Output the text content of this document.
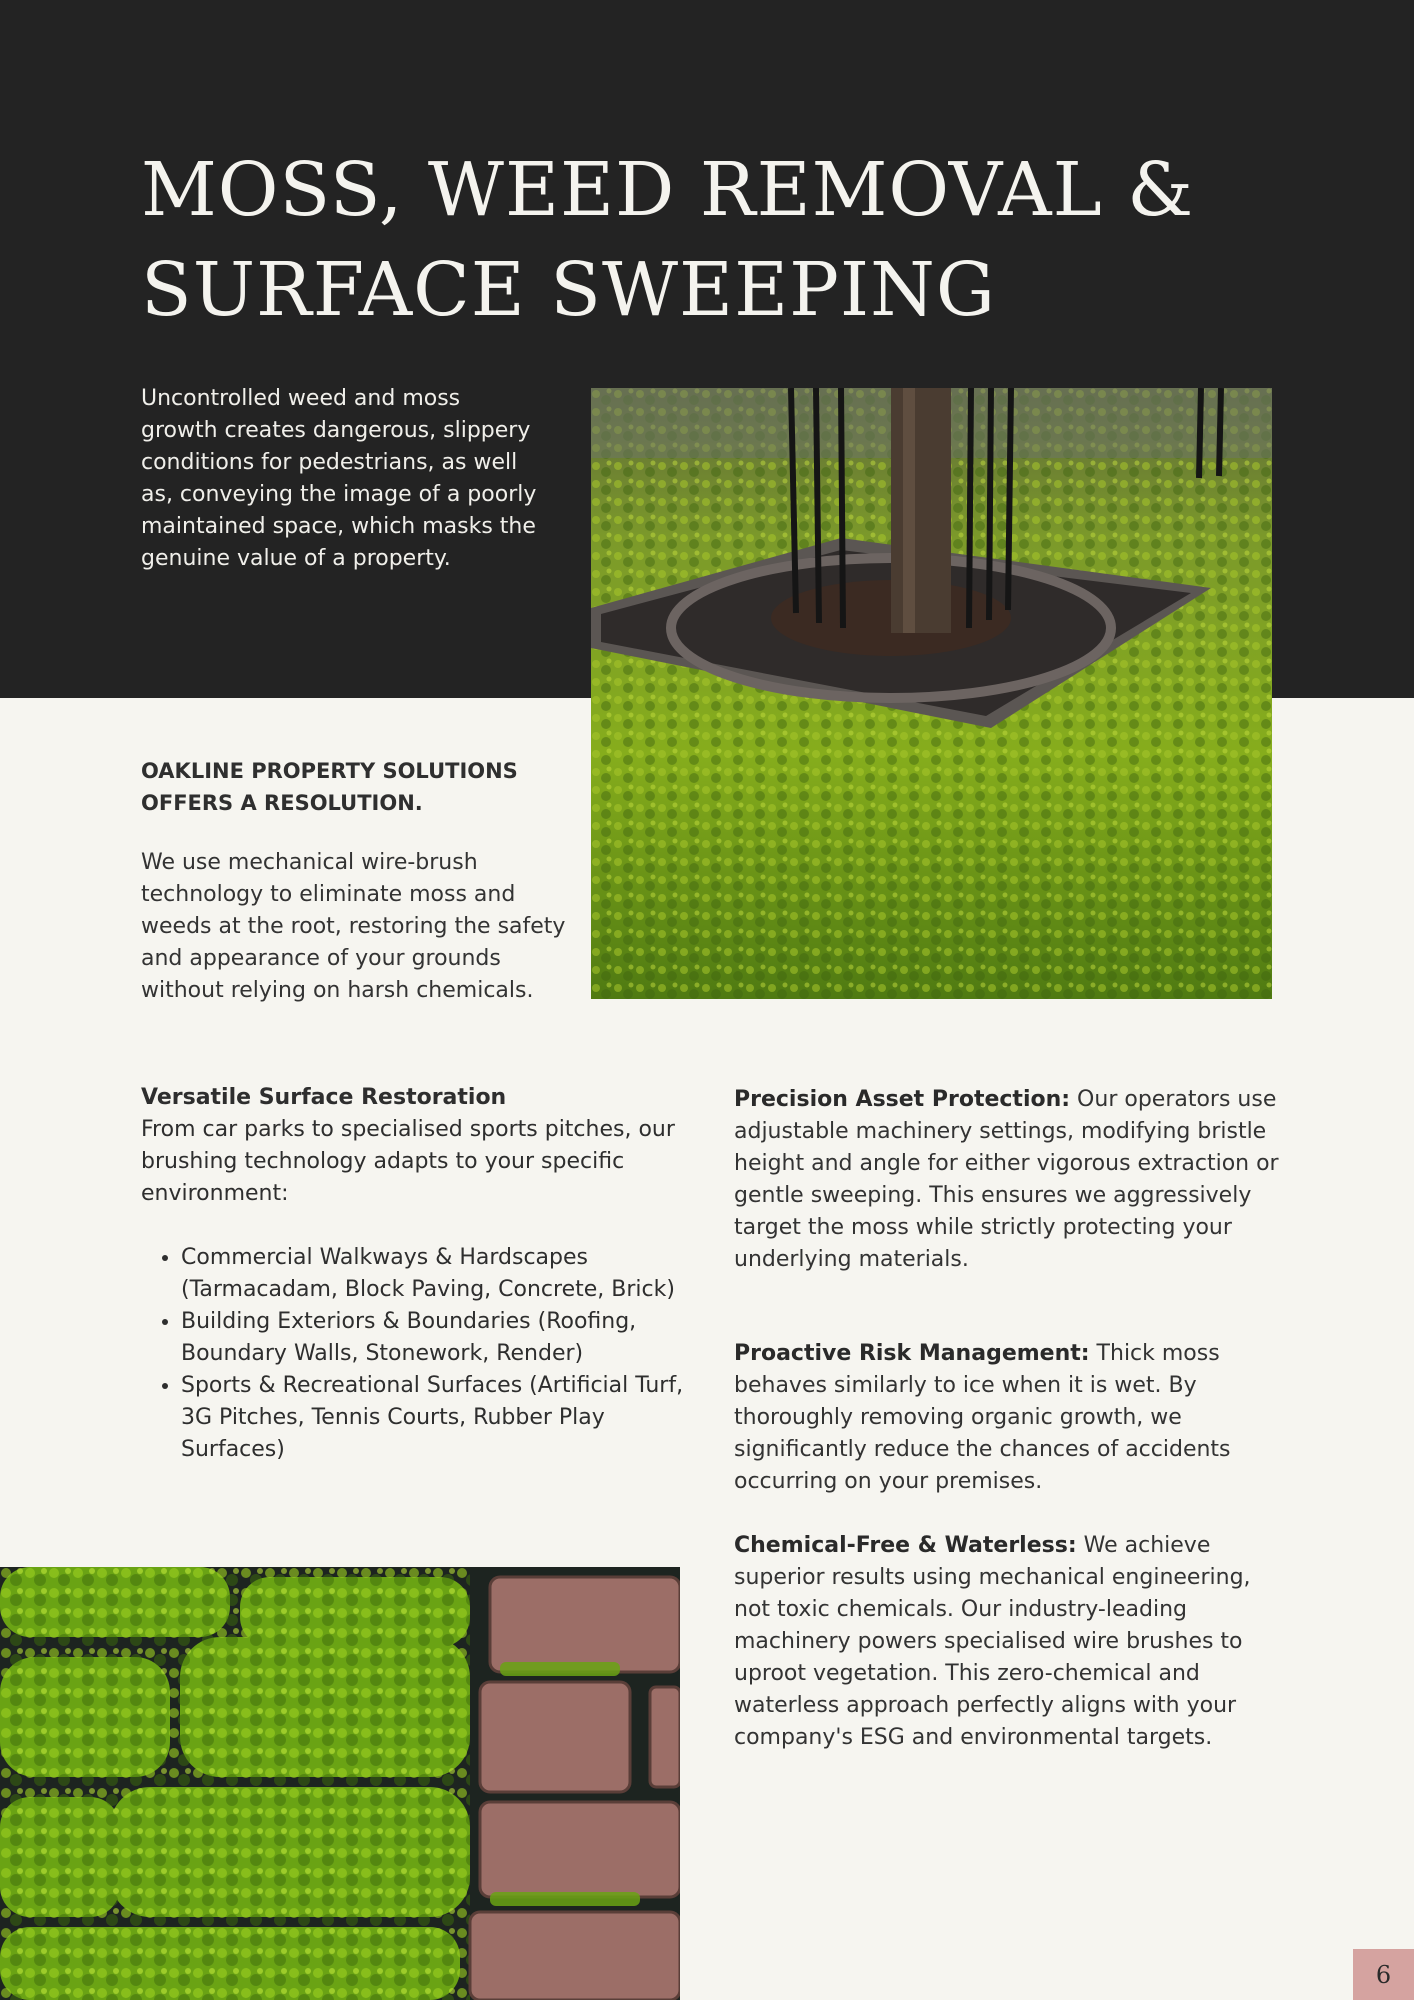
MOSS, WEED REMOVAL &
SURFACE SWEEPING

Uncontrolled weed and moss growth creates dangerous, slippery conditions for pedestrians, as well as, conveying the image of a poorly maintained space, which masks the genuine value of a property.

OAKLINE PROPERTY SOLUTIONS OFFERS A RESOLUTION.

We use mechanical wire-brush technology to eliminate moss and weeds at the root, restoring the safety and appearance of your grounds without relying on harsh chemicals.

Versatile Surface Restoration

From car parks to specialised sports pitches, our brushing technology adapts to your specific environment:

• Commercial Walkways & Hardscapes (Tarmacadam, Block Paving, Concrete, Brick)
• Building Exteriors & Boundaries (Roofing, Boundary Walls, Stonework, Render)
• Sports & Recreational Surfaces (Artificial Turf, 3G Pitches, Tennis Courts, Rubber Play Surfaces)

Precision Asset Protection: Our operators use adjustable machinery settings, modifying bristle height and angle for either vigorous extraction or gentle sweeping. This ensures we aggressively target the moss while strictly protecting your underlying materials.

Proactive Risk Management: Thick moss behaves similarly to ice when it is wet. By thoroughly removing organic growth, we significantly reduce the chances of accidents occurring on your premises.

Chemical-Free & Waterless: We achieve superior results using mechanical engineering, not toxic chemicals. Our industry-leading machinery powers specialised wire brushes to uproot vegetation. This zero-chemical and waterless approach perfectly aligns with your company's ESG and environmental targets.

6
